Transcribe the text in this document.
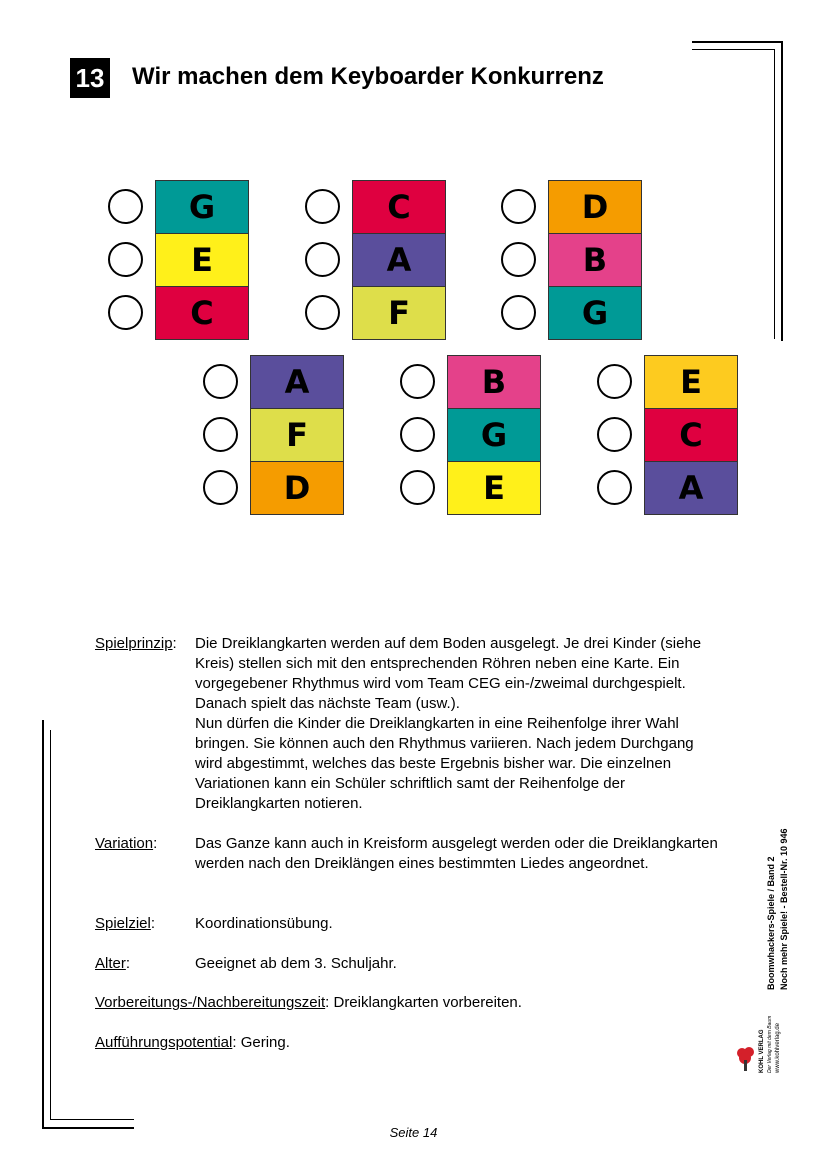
13 Wir machen dem Keyboarder Konkurrenz
G
E
C
C
A
F
D
B
G
A
F
D
B
G
E
E
C
A
Spielprinzip: Die Dreiklangkarten werden auf dem Boden ausgelegt. Je drei Kinder (siehe Kreis) stellen sich mit den entsprechenden Röhren neben eine Karte. Ein vorgegebener Rhythmus wird vom Team CEG ein-/zweimal durchgespielt. Danach spielt das nächste Team (usw.).
Nun dürfen die Kinder die Dreiklangkarten in eine Reihenfolge ihrer Wahl bringen. Sie können auch den Rhythmus variieren. Nach jedem Durchgang wird abgestimmt, welches das beste Ergebnis bisher war. Die einzelnen Variationen kann ein Schüler schriftlich samt der Reihenfolge der Dreiklangkarten notieren.
Variation:	Das Ganze kann auch in Kreisform ausgelegt werden oder die Dreiklangkarten werden nach den Dreiklängen eines bestimmten Liedes angeordnet.
Spielziel:	Koordinationsübung.
Alter:	Geeignet ab dem 3. Schuljahr.
Vorbereitungs-/Nachbereitungszeit: Dreiklangkarten vorbereiten.
Aufführungspotential: Gering.
Boomwhackers-Spiele / Band 2 Noch mehr Spiele! - Bestell-Nr. 10 946
KOHL VERLAG Der Verlag mit dem Baum www.kohlverlag.de
Seite 14
